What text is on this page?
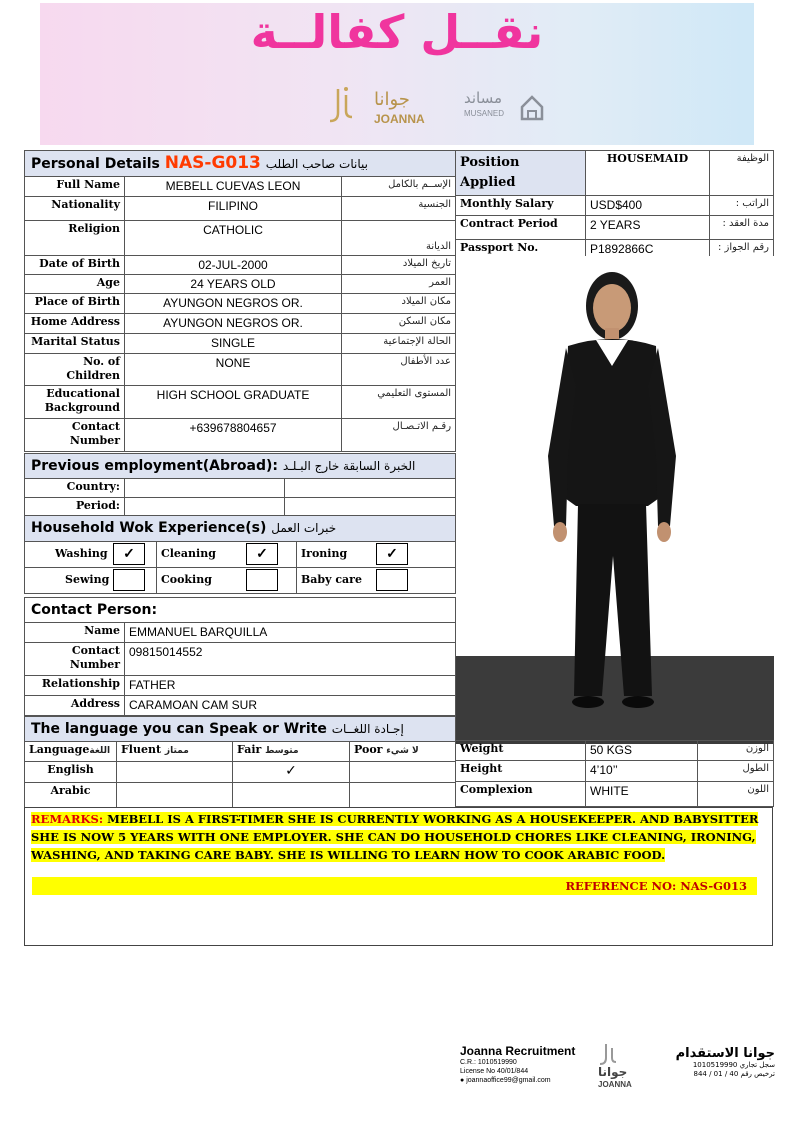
نقــل كفالــة
جوانا
JOANNA
مساند
MUSANED
Personal Details NAS-G013 بيانات صاحب الطلب		
Full Name	MEBELL CUEVAS LEON	الإســم بالكامل
Nationality	FILIPINO	الجنسية
Religion	CATHOLIC	الديانة
Date of Birth	02-JUL-2000	تاريخ الميلاد
Age	24 YEARS OLD	العمر
Place of Birth	AYUNGON NEGROS OR.	مكان الميلاد
Home Address	AYUNGON NEGROS OR.	مكان السكن
Marital Status	SINGLE	الحالة الإجتماعية
No. of Children	NONE	عدد الأطفال
Educational Background	HIGH SCHOOL GRADUATE	المستوى التعليمي
Contact Number	+639678804657	رقـم الاتـصـال
Previous employment(Abroad): الخبرة السابقة خارج البـلـد		
Country:		
Period:		
Household Wok Experience(s) خبرات العمل		
Washing ✓	Cleaning ✓	Ironing ✓
Sewing	Cooking	Baby care
Contact Person:	
Name	EMMANUEL BARQUILLA
Contact Number	09815014552
Relationship	FATHER
Address	CARAMOAN CAM SUR
The language you can Speak or Write إجـادة اللغــات			
Languageاللغة	Fluent ممتاز	Fair متوسط	Poor لا شيء
English		✓	
Arabic			
Position Applied	HOUSEMAID	الوظيفة
Monthly Salary	USD$400	الراتب :
Contract Period	2 YEARS	مدة العقد :
Passport No.	P1892866C	رقم الجواز :
Weight	50 KGS	الوزن
Height	4’10’’	الطول
Complexion	WHITE	اللون
REMARKS: MEBELL IS A FIRST-TIMER SHE IS CURRENTLY WORKING AS A HOUSEKEEPER. AND BABYSITTER SHE IS NOW 5 YEARS WITH ONE EMPLOYER. SHE CAN DO HOUSEHOLD CHORES LIKE CLEANING, IRONING, WASHING, AND TAKING CARE BABY. SHE IS WILLING TO LEARN HOW TO COOK ARABIC FOOD.
REFERENCE NO: NAS-G013
Joanna Recruitment
C.R.: 1010519990
License No 40/01/844
● joannaoffice99@gmail.com
جوانا
JOANNA
جوانا الاستقدام
سجل تجاري 1010519990
ترخيص رقم 40 / 01 / 844
